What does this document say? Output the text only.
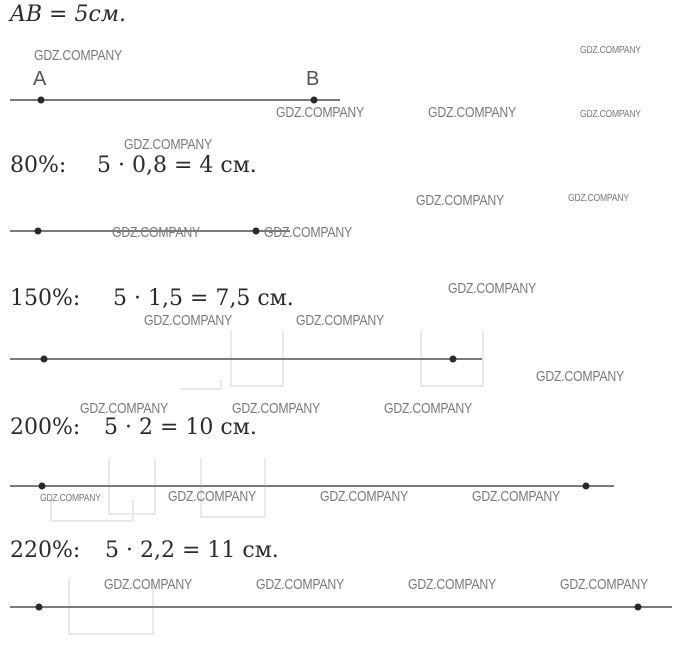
AB = 5см.
A	B
80%: 5 · 0,8 = 4 см.
150%: 5 · 1,5 = 7,5 см.
200%: 5 · 2 = 10 см.
220%: 5 · 2,2 = 11 см.
GDZ.COMPANY	GDZ.COMPANY
GDZ.COMPANY	GDZ.COMPANY	GDZ.COMPANY
GDZ.COMPANY
GDZ.COMPANY	GDZ.COMPANY
GDZ.COMPANY	GDZ.COMPANY
GDZ.COMPANY
GDZ.COMPANY	GDZ.COMPANY
GDZ.COMPANY
GDZ.COMPANY	GDZ.COMPANY	GDZ.COMPANY
GDZ.COMPANY	GDZ.COMPANY	GDZ.COMPANY	GDZ.COMPANY
GDZ.COMPANY	GDZ.COMPANY	GDZ.COMPANY	GDZ.COMPANY
